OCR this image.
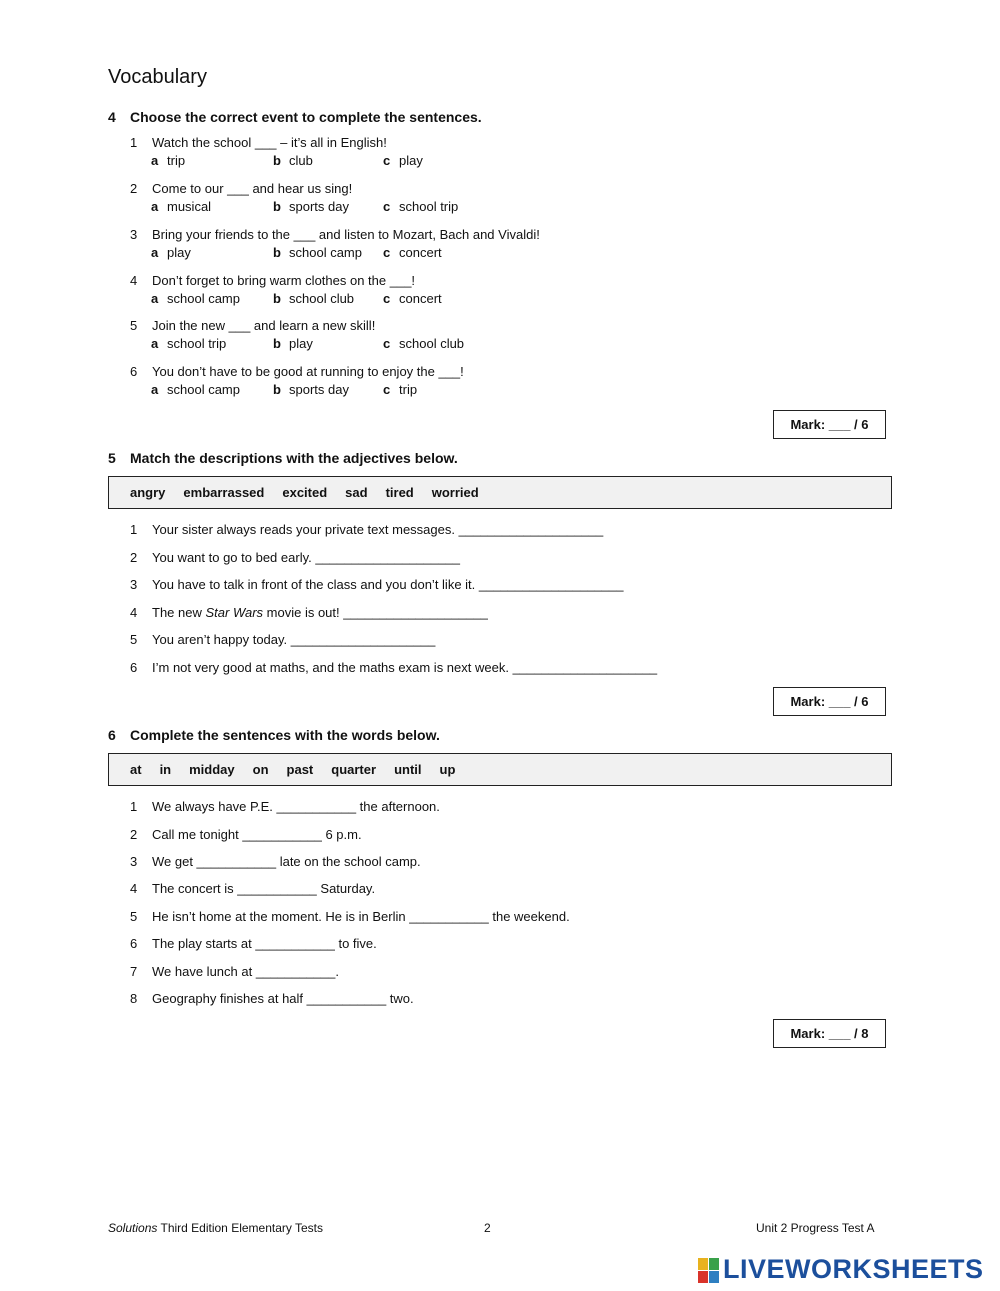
Vocabulary
4 Choose the correct event to complete the sentences.
1 Watch the school ___ – it’s all in English!
a trip	b club	c play
2 Come to our ___ and hear us sing!
a musical	b sports day	c school trip
3 Bring your friends to the ___ and listen to Mozart, Bach and Vivaldi!
a play	b school camp c concert
4 Don’t forget to bring warm clothes on the ___!
a school camp	b school club c concert
5 Join the new ___ and learn a new skill!
a school trip	b play	c school club
6 You don’t have to be good at running to enjoy the ___!
a school camp	b sports day	c trip
Mark: ___ / 6
5 Match the descriptions with the adjectives below.
angry embarrassed excited sad tired worried
1 Your sister always reads your private text messages. ____________________
2 You want to go to bed early. ____________________
3 You have to talk in front of the class and you don’t like it. ____________________
4 The new Star Wars movie is out! ____________________
5 You aren’t happy today. ____________________
6 I’m not very good at maths, and the maths exam is next week. ____________________
Mark: ___ / 6
6 Complete the sentences with the words below.
at in midday on past quarter until up
1 We always have P.E. ___________ the afternoon.
2 Call me tonight ___________ 6 p.m.
3 We get ___________ late on the school camp.
4 The concert is ___________ Saturday.
5 He isn’t home at the moment. He is in Berlin ___________ the weekend.
6 The play starts at ___________ to five.
7 We have lunch at ___________.
8 Geography finishes at half ___________ two.
Mark: ___ / 8
Solutions Third Edition Elementary Tests	2	Unit 2 Progress Test A
LIVEWORKSHEETS
